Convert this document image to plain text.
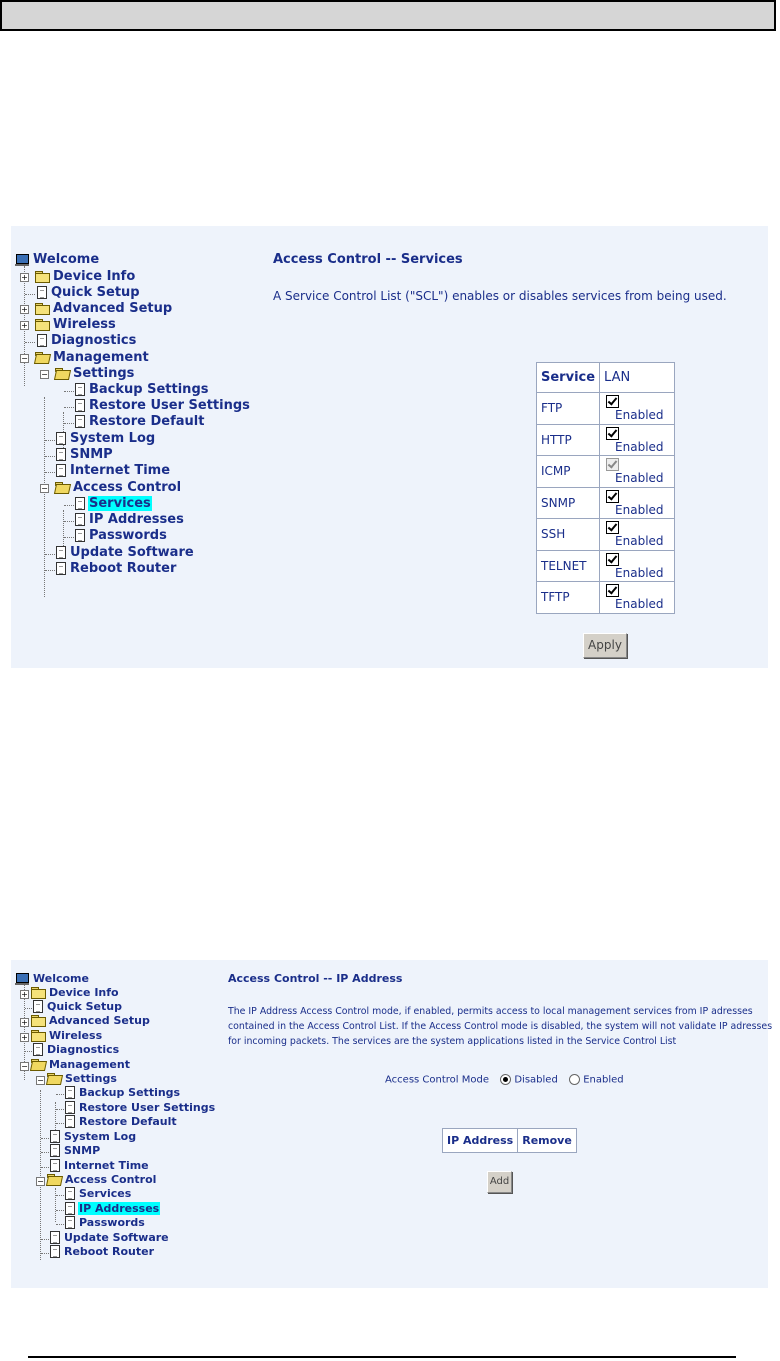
Welcome
+ Device Info
Quick Setup
+ Advanced Setup
+ Wireless
Diagnostics
− Management
− Settings
Backup Settings
Restore User Settings
Restore Default
System Log
SNMP
Internet Time
− Access Control
Services
IP Addresses
Passwords
Update Software
Reboot Router
Access Control -- Services
A Service Control List ("SCL") enables or disables services from being used.
Service	LAN
FTP	Enabled
HTTP	Enabled
ICMP	Enabled
SNMP	Enabled
SSH	Enabled
TELNET	Enabled
TFTP	Enabled
Apply
Welcome
+ Device Info
Quick Setup
+ Advanced Setup
+ Wireless
Diagnostics
− Management
− Settings
Backup Settings
Restore User Settings
Restore Default
System Log
SNMP
Internet Time
− Access Control
Services
IP Addresses
Passwords
Update Software
Reboot Router
Access Control -- IP Address
The IP Address Access Control mode, if enabled, permits access to local management services from IP adresses
contained in the Access Control List. If the Access Control mode is disabled, the system will not validate IP adresses
for incoming packets. The services are the system applications listed in the Service Control List
Access Control Mode	Disabled	Enabled
IP Address	Remove
Add
